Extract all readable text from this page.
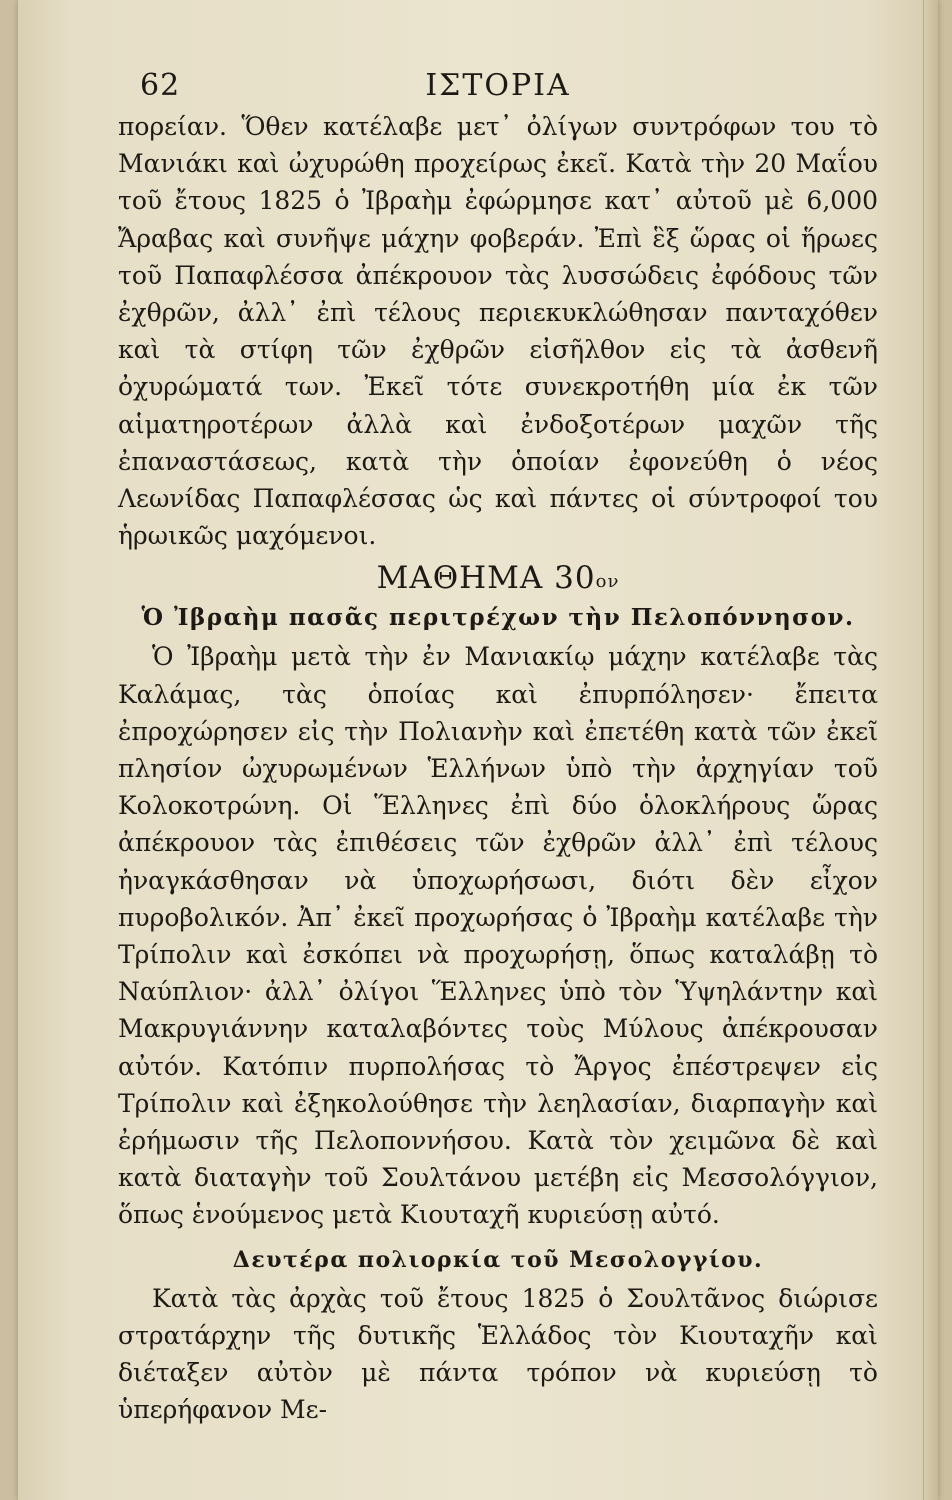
62	ΙΣΤΟΡΙΑ

πορείαν. Ὅθεν κατέλαβε μετ᾽ ὀλίγων συντρόφων του τὸ Μανιάκι καὶ ὠχυρώθη προχείρως ἐκεῖ. Κατὰ τὴν 20 Μαΐου τοῦ ἔτους 1825 ὁ Ἰβραὴμ ἐφώρμησε κατ᾽ αὐτοῦ μὲ 6,000 Ἄραβας καὶ συνῆψε μάχην φοβεράν. Ἐπὶ ἓξ ὥρας οἱ ἥρωες τοῦ Παπαφλέσσα ἀπέκρουον τὰς λυσσώδεις ἐφόδους τῶν ἐχθρῶν, ἀλλ᾽ ἐπὶ τέλους περιεκυκλώθησαν πανταχόθεν καὶ τὰ στίφη τῶν ἐχθρῶν εἰσῆλθον εἰς τὰ ἀσθενῆ ὀχυρώματά των. Ἐκεῖ τότε συνεκροτήθη μία ἐκ τῶν αἱματηροτέρων ἀλλὰ καὶ ἐνδοξοτέρων μαχῶν τῆς ἐπαναστάσεως, κατὰ τὴν ὁποίαν ἐφονεύθη ὁ νέος Λεωνίδας Παπαφλέσσας ὡς καὶ πάντες οἱ σύντροφοί του ἡρωικῶς μαχόμενοι.

ΜΑΘΗΜΑ $30^{o\nu}$
Ὁ Ἰβραὴμ πασᾶς περιτρέχων τὴν Πελοπόννησον.

Ὁ Ἰβραὴμ μετὰ τὴν ἐν Μανιακίῳ μάχην κατέλαβε τὰς Καλάμας, τὰς ὁποίας καὶ ἐπυρπόλησεν· ἔπειτα ἐπροχώρησεν εἰς τὴν Πολιανὴν καὶ ἐπετέθη κατὰ τῶν ἐκεῖ πλησίον ὠχυρωμένων Ἑλλήνων ὑπὸ τὴν ἀρχηγίαν τοῦ Κολοκοτρώνη. Οἱ Ἕλληνες ἐπὶ δύο ὁλοκλήρους ὥρας ἀπέκρουον τὰς ἐπιθέσεις τῶν ἐχθρῶν ἀλλ᾽ ἐπὶ τέλους ἠναγκάσθησαν νὰ ὑποχωρήσωσι, διότι δὲν εἶχον πυροβολικόν. Ἀπ᾽ ἐκεῖ προχωρήσας ὁ Ἰβραὴμ κατέλαβε τὴν Τρίπολιν καὶ ἐσκόπει νὰ προχωρήσῃ, ὅπως καταλάβῃ τὸ Ναύπλιον· ἀλλ᾽ ὀλίγοι Ἕλληνες ὑπὸ τὸν Ὑψηλάντην καὶ Μακρυγιάννην καταλαβόντες τοὺς Μύλους ἀπέκρουσαν αὐτόν. Κατόπιν πυρπολήσας τὸ Ἄργος ἐπέστρεψεν εἰς Τρίπολιν καὶ ἐξηκολούθησε τὴν λεηλασίαν, διαρπαγὴν καὶ ἐρήμωσιν τῆς Πελοποννήσου. Κατὰ τὸν χειμῶνα δὲ καὶ κατὰ διαταγὴν τοῦ Σουλτάνου μετέβη εἰς Μεσσολόγγιον, ὅπως ἑνούμενος μετὰ Κιουταχῆ κυριεύσῃ αὐτό.

Δευτέρα πολιορκία τοῦ Μεσολογγίου.

Κατὰ τὰς ἀρχὰς τοῦ ἔτους 1825 ὁ Σουλτᾶνος διώρισε στρατάρχην τῆς δυτικῆς Ἑλλάδος τὸν Κιουταχῆν καὶ διέταξεν αὐτὸν μὲ πάντα τρόπον νὰ κυριεύσῃ τὸ ὑπερήφανον Με-
